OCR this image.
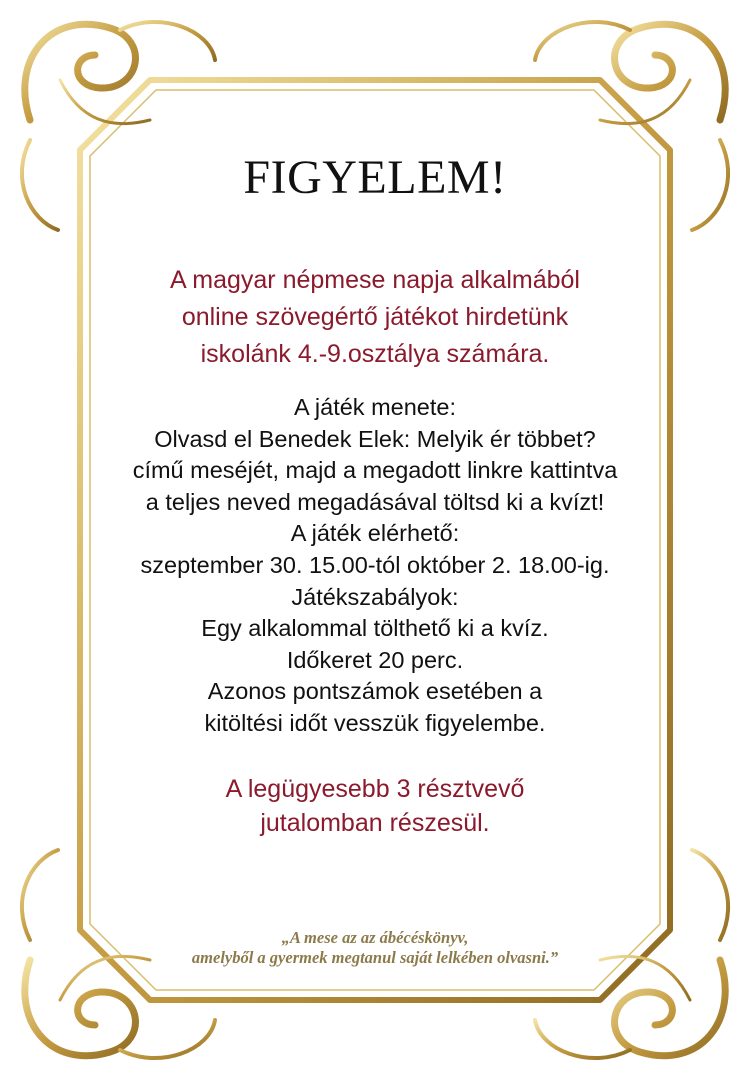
FIGYELEM!
A magyar népmese napja alkalmából
online szövegértő játékot hirdetünk
iskolánk 4.-9.osztálya számára.
A játék menete:
Olvasd el Benedek Elek: Melyik ér többet?
című meséjét, majd a megadott linkre kattintva
a teljes neved megadásával töltsd ki a kvízt!
A játék elérhető:
szeptember 30. 15.00-tól október 2. 18.00-ig.
Játékszabályok:
Egy alkalommal tölthető ki a kvíz.
Időkeret 20 perc.
Azonos pontszámok esetében a
kitöltési időt vesszük figyelembe.
A legügyesebb 3 résztvevő
jutalomban részesül.
„A mese az az ábécéskönyv,
amelyből a gyermek megtanul saját lelkében olvasni.”
